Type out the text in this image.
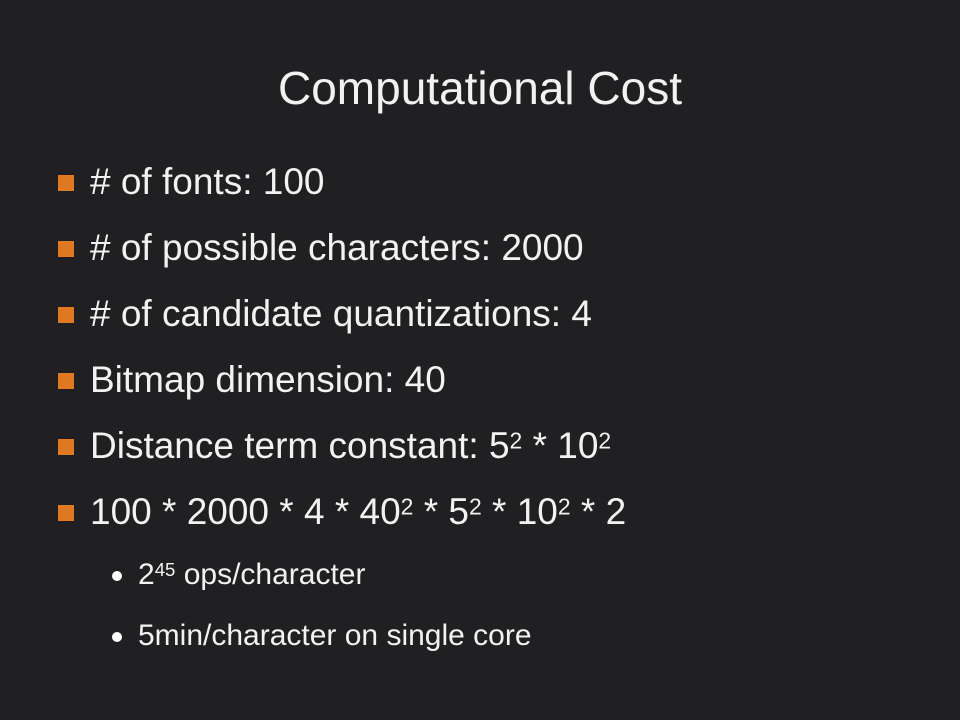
Computational Cost
# of fonts: 100
# of possible characters: 2000
# of candidate quantizations: 4
Bitmap dimension: 40
Distance term constant: $5^2 * 10^2$
$100 * 2000 * 4 * 40^2 * 5^2 * 10^2 * 2$
$2^{45}$ ops/character
5min/character on single core
